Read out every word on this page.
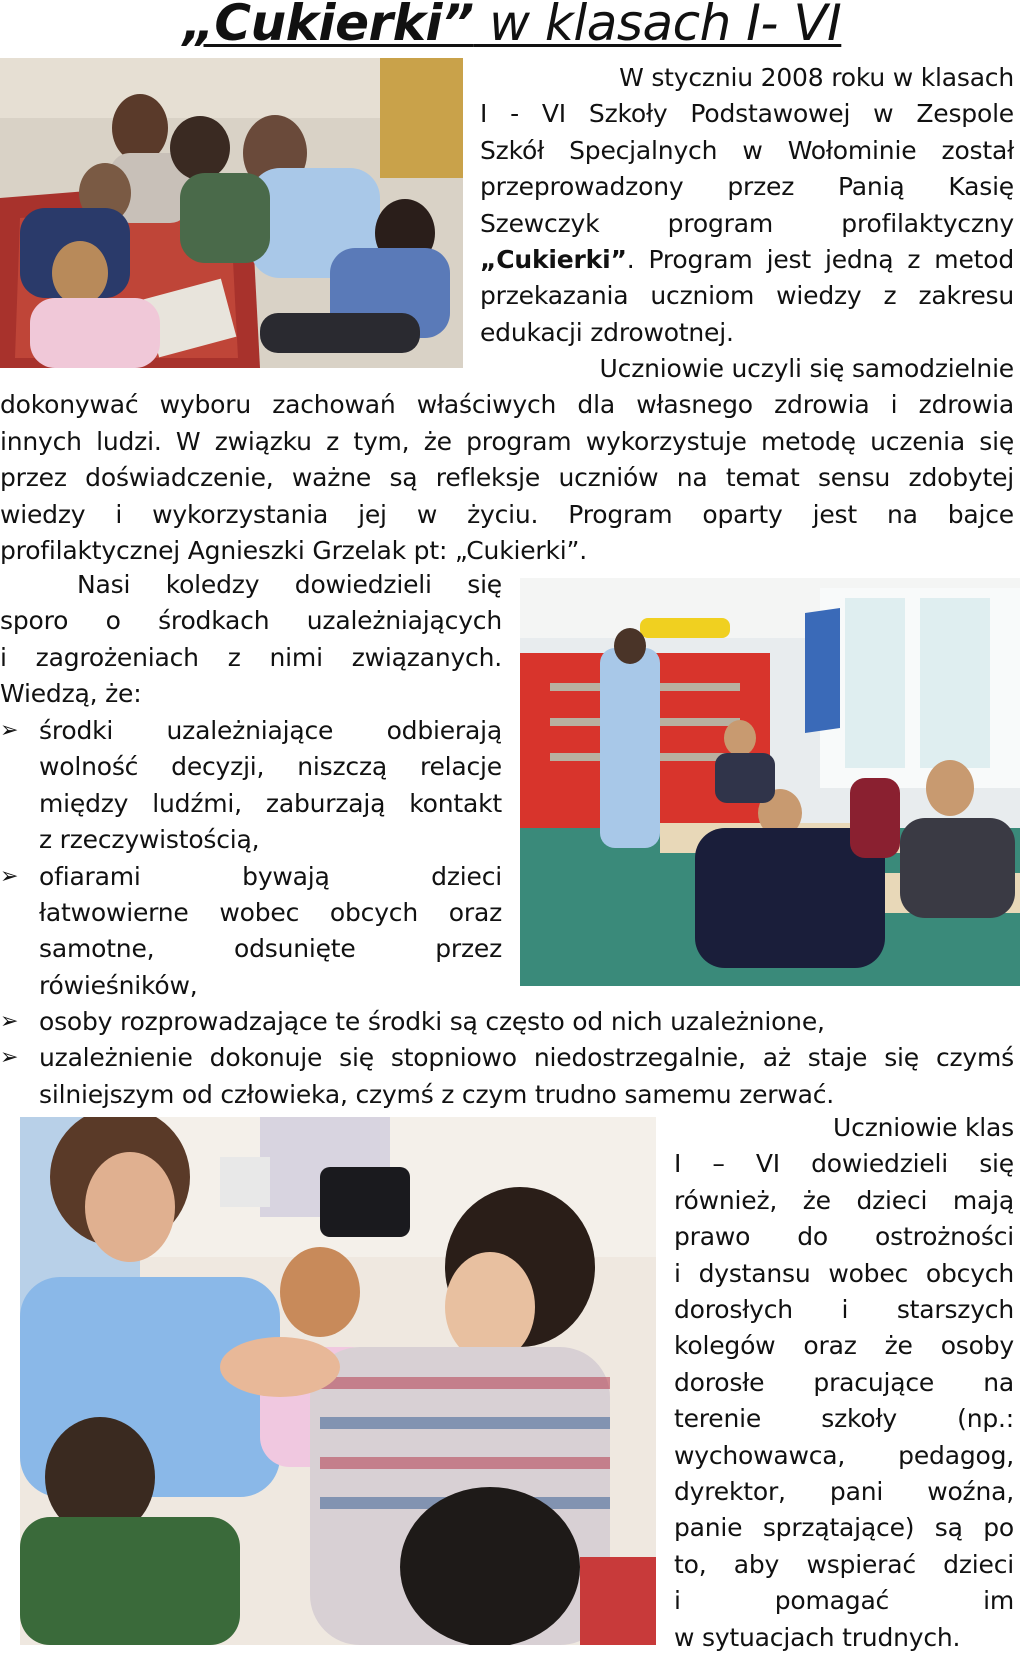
„Cukierki” w klasach I- VI
W styczniu 2008 roku w klasach
I - VI Szkoły Podstawowej w Zespole
Szkół Specjalnych w Wołominie został
przeprowadzony przez Panią Kasię
Szewczyk program profilaktyczny
„Cukierki”. Program jest jedną z metod
przekazania uczniom wiedzy z zakresu
edukacji zdrowotnej.
Uczniowie uczyli się samodzielnie
dokonywać wyboru zachowań właściwych dla własnego zdrowia i zdrowia
innych ludzi. W związku z tym, że program wykorzystuje metodę uczenia się
przez doświadczenie, ważne są refleksje uczniów na temat sensu zdobytej
wiedzy i wykorzystania jej w życiu. Program oparty jest na bajce
profilaktycznej Agnieszki Grzelak pt: „Cukierki”.
Nasi koledzy dowiedzieli się
sporo o środkach uzależniających
i zagrożeniach z nimi związanych.
Wiedzą, że:
➢ środki uzależniające odbierają
wolność decyzji, niszczą relacje
między ludźmi, zaburzają kontakt
z rzeczywistością,
➢ ofiarami bywają dzieci
łatwowierne wobec obcych oraz
samotne, odsunięte przez
rówieśników,
➢ osoby rozprowadzające te środki są często od nich uzależnione,
➢ uzależnienie dokonuje się stopniowo niedostrzegalnie, aż staje się czymś
silniejszym od człowieka, czymś z czym trudno samemu zerwać.
Uczniowie klas
I – VI dowiedzieli się
również, że dzieci mają
prawo do ostrożności
i dystansu wobec obcych
dorosłych i starszych
kolegów oraz że osoby
dorosłe pracujące na
terenie szkoły (np.:
wychowawca, pedagog,
dyrektor, pani woźna,
panie sprzątające) są po
to, aby wspierać dzieci
i pomagać im
w sytuacjach trudnych.
